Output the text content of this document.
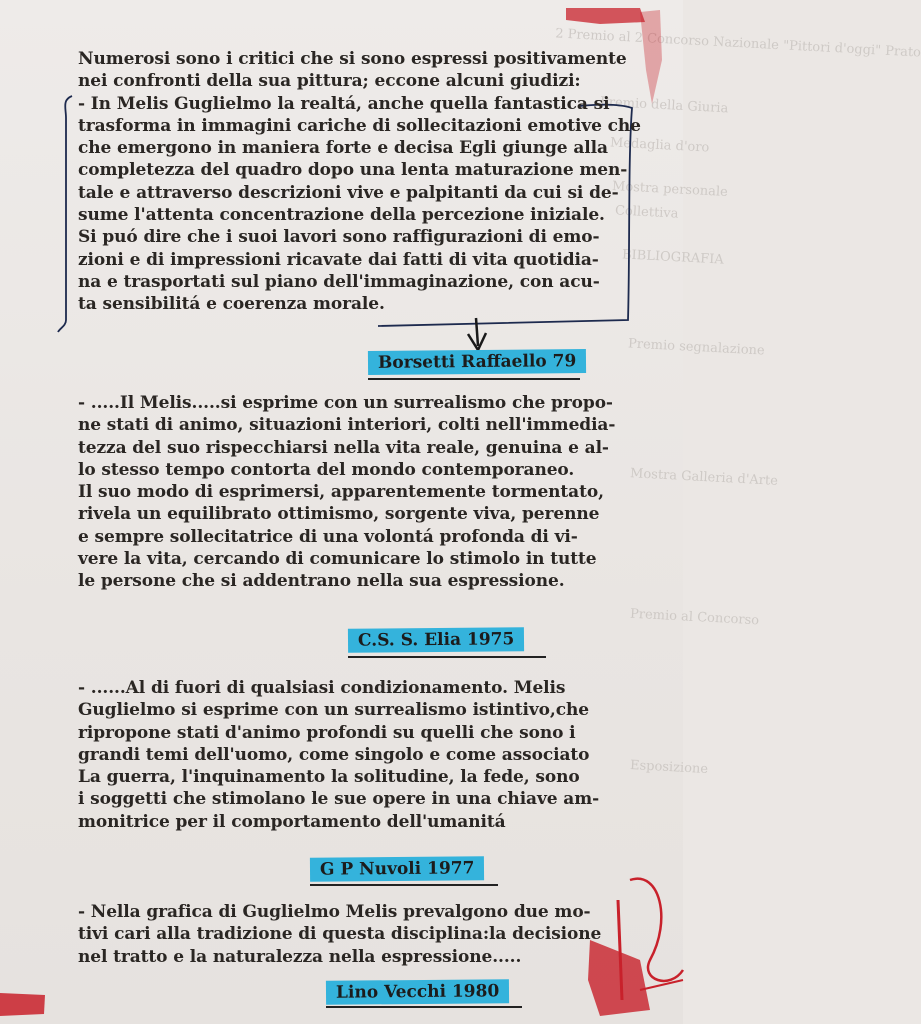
2 Premio al 2 Concorso Nazionale "Pittori d'oggi" Prato
Premio della Giuria
Medaglia d'oro
Mostra personale
Collettiva
BIBLIOGRAFIA
Premio segnalazione
Mostra Galleria d'Arte
Premio al Concorso
Esposizione
Numerosi sono i critici che si sono espressi positivamente
nei confronti della sua pittura; eccone alcuni giudizi:
- In Melis Guglielmo la realtá, anche quella fantastica si
trasforma in immagini cariche di sollecitazioni emotive che
che emergono in maniera forte e decisa Egli giunge alla
completezza del quadro dopo una lenta maturazione men-
tale e attraverso descrizioni vive e palpitanti da cui si de-
sume l'attenta concentrazione della percezione iniziale.
Si puó dire che i suoi lavori sono raffigurazioni di emo-
zioni e di impressioni ricavate dai fatti di vita quotidia-
na e trasportati sul piano dell'immaginazione, con acu-
ta sensibilitá e coerenza morale.
Borsetti Raffaello 79
- .....Il Melis.....si esprime con un surrealismo che propo-
ne stati di animo, situazioni interiori, colti nell'immedia-
tezza del suo rispecchiarsi nella vita reale, genuina e al-
lo stesso tempo contorta del mondo contemporaneo.
Il suo modo di esprimersi, apparentemente tormentato,
rivela un equilibrato ottimismo, sorgente viva, perenne
e sempre sollecitatrice di una volontá profonda di vi-
vere la vita, cercando di comunicare lo stimolo in tutte
le persone che si addentrano nella sua espressione.
C.S. S. Elia 1975
- ......Al di fuori di qualsiasi condizionamento. Melis
Guglielmo si esprime con un surrealismo istintivo,che
ripropone stati d'animo profondi su quelli che sono i
grandi temi dell'uomo, come singolo e come associato
La guerra, l'inquinamento la solitudine, la fede, sono
i soggetti che stimolano le sue opere in una chiave am-
monitrice per il comportamento dell'umanitá
G P Nuvoli 1977
- Nella grafica di Guglielmo Melis prevalgono due mo-
tivi cari alla tradizione di questa disciplina:la decisione
nel tratto e la naturalezza nella espressione.....
Lino Vecchi 1980
